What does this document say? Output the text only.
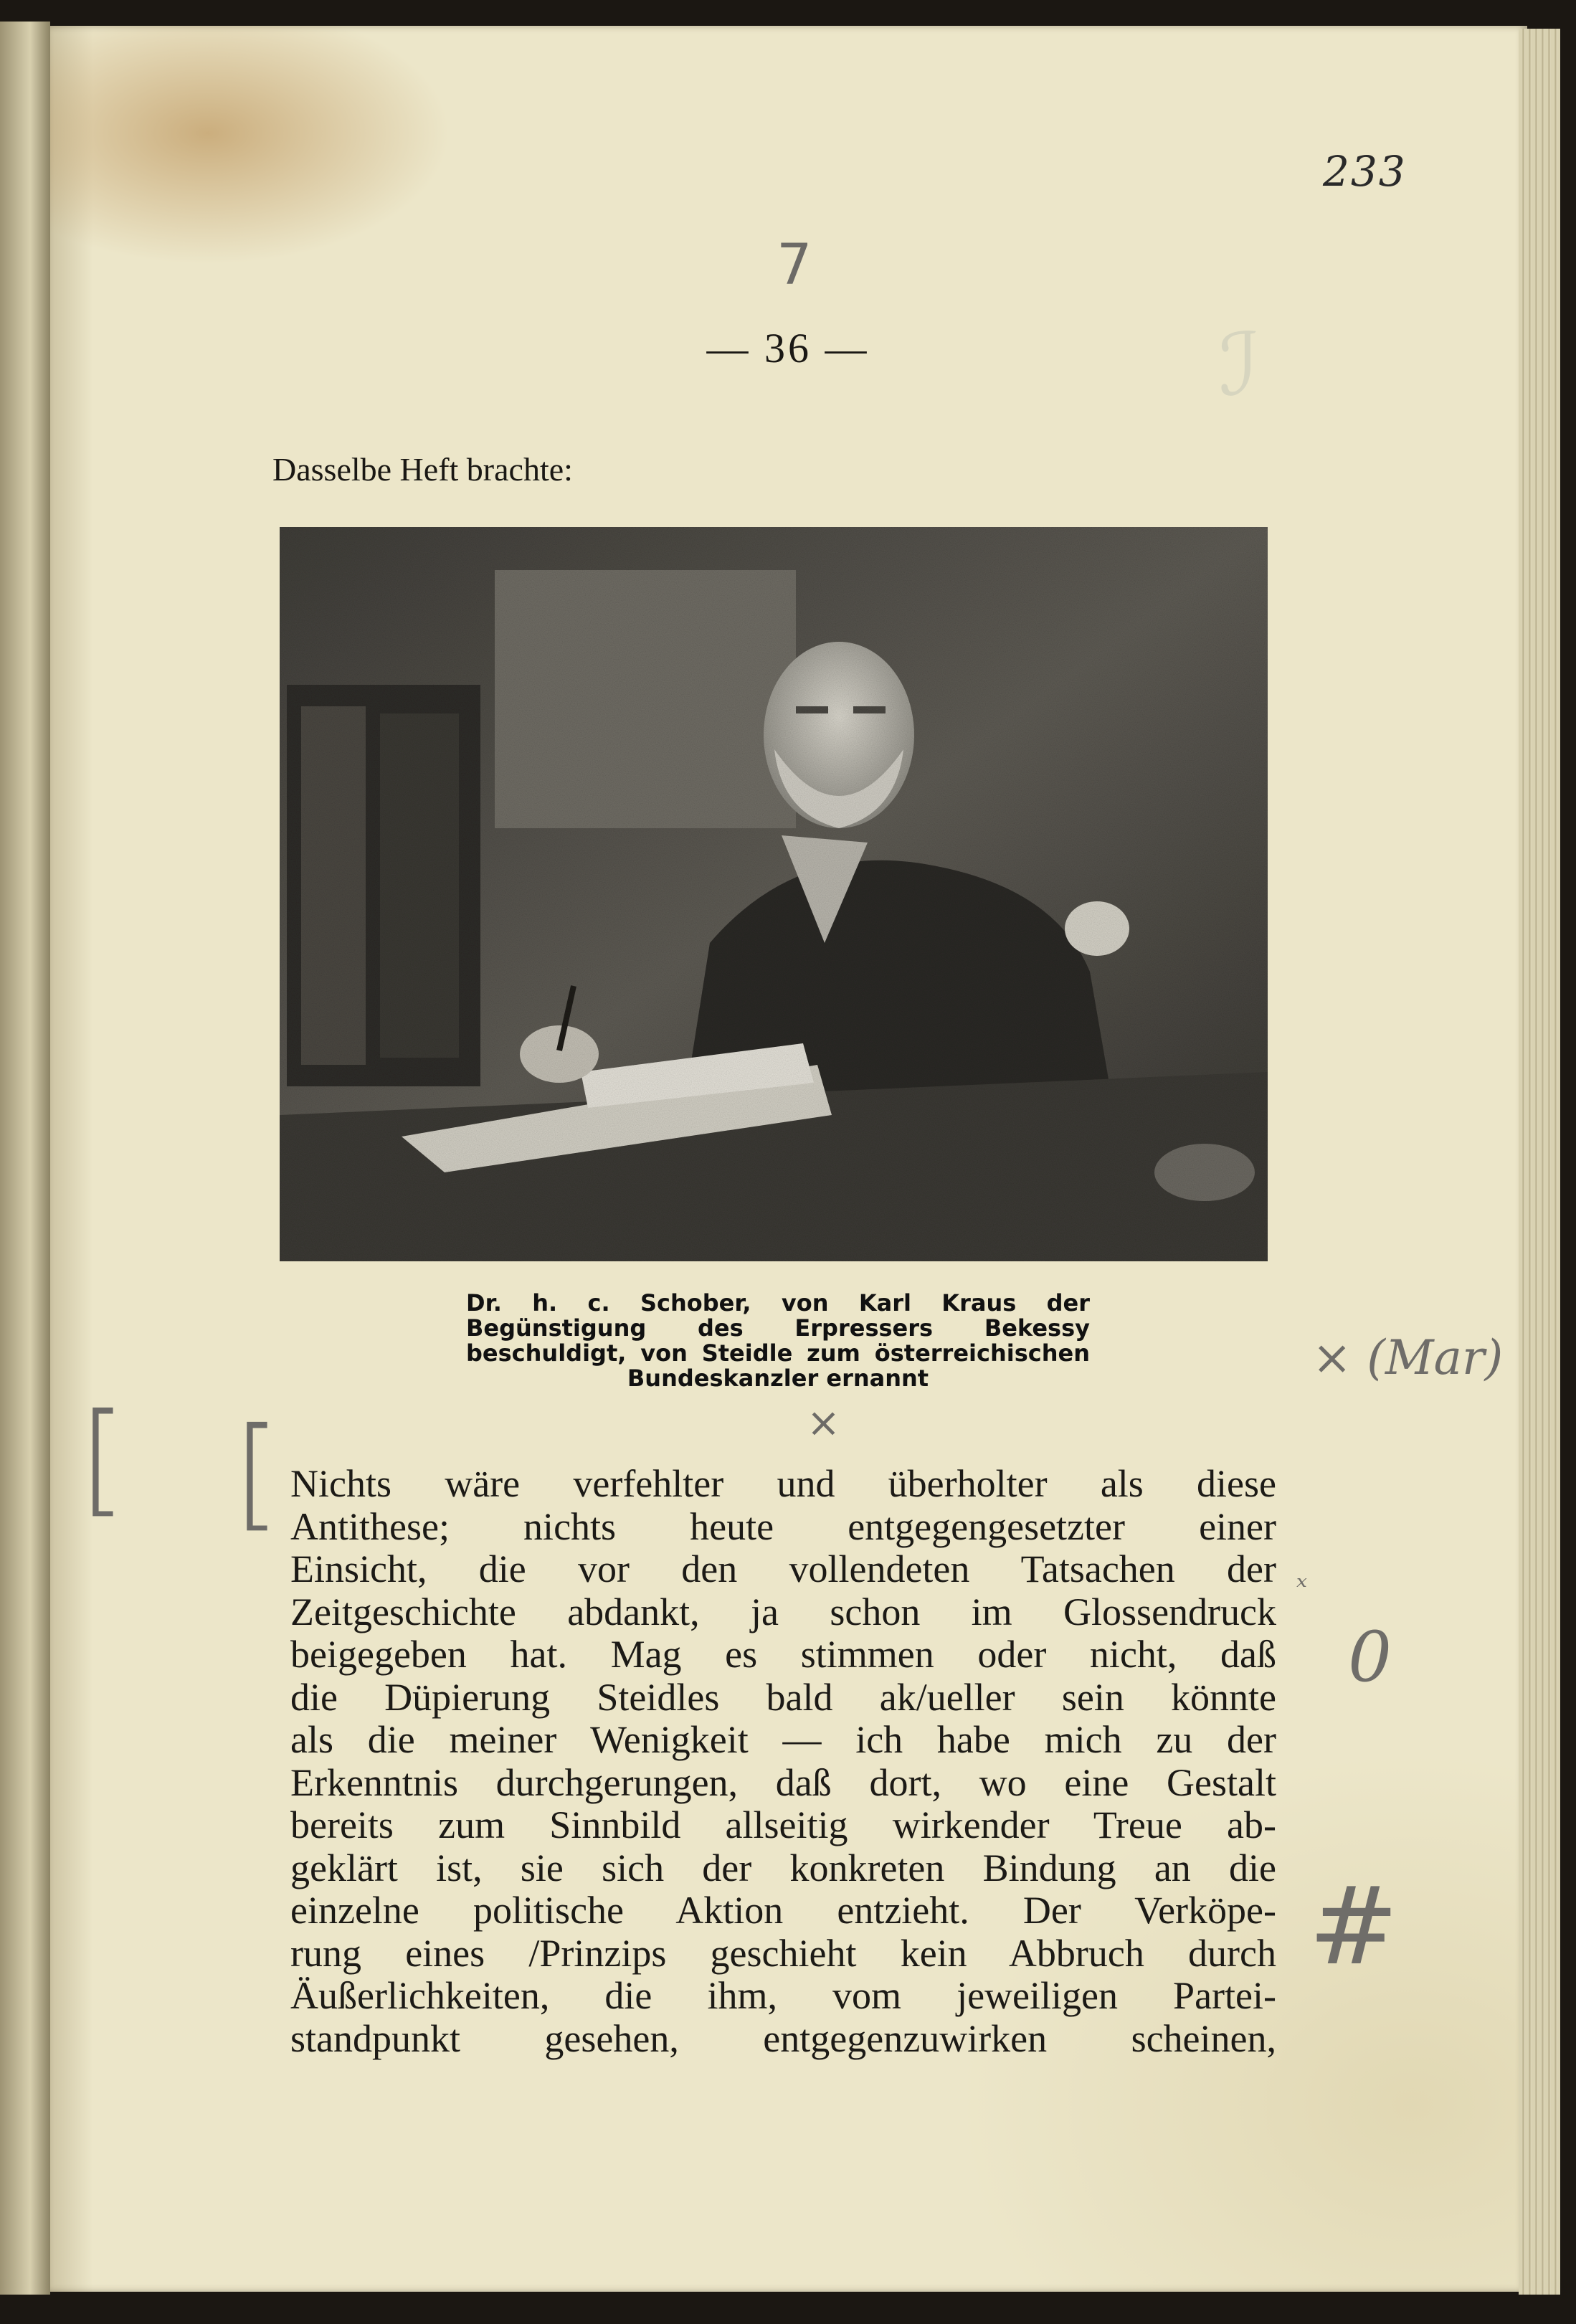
ℐ
233
7
— 36 —
Dasselbe Heft brachte:
Dr. h. c. Schober, von Karl Kraus der Begünstigung des Erpressers Bekessy beschuldigt, von Steidle zum österreichischen Bundeskanzler ernannt
×
× (Mar)
[ [ Nichts wäre verfehlter und überholter als diese
Antithese; nichts heute entgegengesetzter einer
Einsicht, die vor den vollendeten Tatsachen der
Zeitgeschichte abdankt, ja schon im Glossendruck
beigegeben hat. Mag es stimmen oder nicht, daß
die Düpierung Steidles bald ak/ueller sein könnte
als die meiner Wenigkeit — ich habe mich zu der
Erkenntnis durchgerungen, daß dort, wo eine Gestalt
bereits zum Sinnbild allseitig wirkender Treue ab-
geklärt ist, sie sich der konkreten Bindung an die
einzelne politische Aktion entzieht. Der Verköpe-
rung eines /Prinzips geschieht kein Abbruch durch
Äußerlichkeiten, die ihm, vom jeweiligen Partei-
standpunkt gesehen, entgegenzuwirken scheinen,
ˣ
0
#
